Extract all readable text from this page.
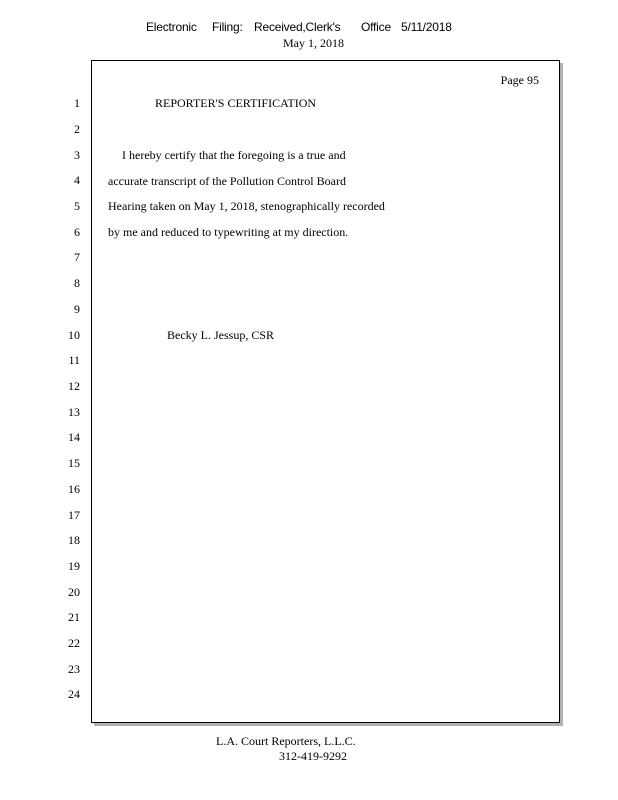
Electronic	Filing: Received,Clerk's	Office 5/11/2018
May 1, 2018
Page 95
REPORTER'S CERTIFICATION
I hereby certify that the foregoing is a true and
accurate transcript of the Pollution Control Board
Hearing taken on May 1, 2018, stenographically recorded
by me and reduced to typewriting at my direction.
Becky L. Jessup, CSR
1
2
3
4
5
6
7
8
9
10
11
12
13
14
15
16
17
18
19
20
21
22
23
24
L.A. Court Reporters, L.L.C.
312-419-9292
